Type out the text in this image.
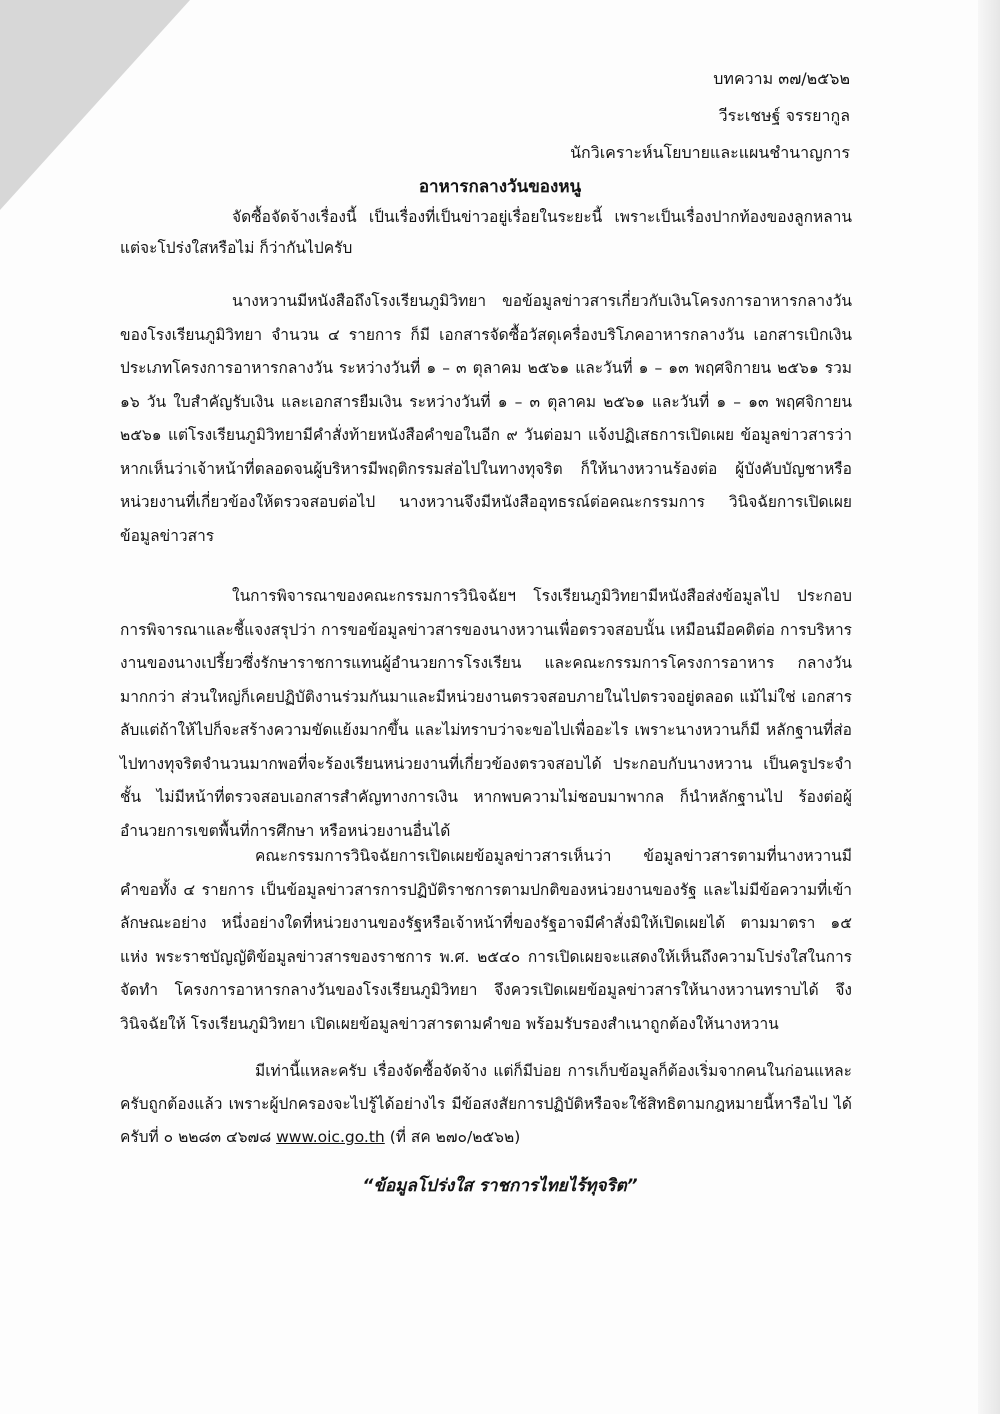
บทความ ๓๗/๒๕๖๒
วีระเชษฐ์ จรรยากูล
นักวิเคราะห์นโยบายและแผนชำนาญการ
อาหารกลางวันของหนู

จัดซื้อจัดจ้างเรื่องนี้ เป็นเรื่องที่เป็นข่าวอยู่เรื่อยในระยะนี้ เพราะเป็นเรื่องปากท้องของลูกหลาน แต่จะโปร่งใสหรือไม่ ก็ว่ากันไปครับ

นางหวานมีหนังสือถึงโรงเรียนภูมิวิทยา ขอข้อมูลข่าวสารเกี่ยวกับเงินโครงการอาหารกลางวัน ของโรงเรียนภูมิวิทยา จำนวน ๔ รายการ ก็มี เอกสารจัดซื้อวัสดุเครื่องบริโภคอาหารกลางวัน เอกสารเบิกเงิน ประเภทโครงการอาหารกลางวัน ระหว่างวันที่ ๑ – ๓ ตุลาคม ๒๕๖๑ และวันที่ ๑ – ๑๓ พฤศจิกายน ๒๕๖๑ รวม ๑๖ วัน ใบสำคัญรับเงิน และเอกสารยืมเงิน ระหว่างวันที่ ๑ – ๓ ตุลาคม ๒๕๖๑ และวันที่ ๑ – ๑๓ พฤศจิกายน ๒๕๖๑ แต่โรงเรียนภูมิวิทยามีคำสั่งท้ายหนังสือคำขอในอีก ๙ วันต่อมา แจ้งปฏิเสธการเปิดเผย ข้อมูลข่าวสารว่า หากเห็นว่าเจ้าหน้าที่ตลอดจนผู้บริหารมีพฤติกรรมส่อไปในทางทุจริต ก็ให้นางหวานร้องต่อ ผู้บังคับบัญชาหรือหน่วยงานที่เกี่ยวข้องให้ตรวจสอบต่อไป นางหวานจึงมีหนังสืออุทธรณ์ต่อคณะกรรมการ วินิจฉัยการเปิดเผยข้อมูลข่าวสาร

ในการพิจารณาของคณะกรรมการวินิจฉัยฯ โรงเรียนภูมิวิทยามีหนังสือส่งข้อมูลไป ประกอบการพิจารณาและชี้แจงสรุปว่า การขอข้อมูลข่าวสารของนางหวานเพื่อตรวจสอบนั้น เหมือนมีอคติต่อ การบริหารงานของนางเปรี้ยวซึ่งรักษาราชการแทนผู้อำนวยการโรงเรียน และคณะกรรมการโครงการอาหาร กลางวันมากกว่า ส่วนใหญ่ก็เคยปฏิบัติงานร่วมกันมาและมีหน่วยงานตรวจสอบภายในไปตรวจอยู่ตลอด แม้ไม่ใช่ เอกสารลับแต่ถ้าให้ไปก็จะสร้างความขัดแย้งมากขึ้น และไม่ทราบว่าจะขอไปเพื่ออะไร เพราะนางหวานก็มี หลักฐานที่ส่อไปทางทุจริตจำนวนมากพอที่จะร้องเรียนหน่วยงานที่เกี่ยวข้องตรวจสอบได้ ประกอบกับนางหวาน เป็นครูประจำชั้น ไม่มีหน้าที่ตรวจสอบเอกสารสำคัญทางการเงิน หากพบความไม่ชอบมาพากล ก็นำหลักฐานไป ร้องต่อผู้อำนวยการเขตพื้นที่การศึกษา หรือหน่วยงานอื่นได้

คณะกรรมการวินิจฉัยการเปิดเผยข้อมูลข่าวสารเห็นว่า ข้อมูลข่าวสารตามที่นางหวานมีคำขอทั้ง ๔ รายการ เป็นข้อมูลข่าวสารการปฏิบัติราชการตามปกติของหน่วยงานของรัฐ และไม่มีข้อความที่เข้าลักษณะอย่าง หนึ่งอย่างใดที่หน่วยงานของรัฐหรือเจ้าหน้าที่ของรัฐอาจมีคำสั่งมิให้เปิดเผยได้ ตามมาตรา ๑๕ แห่ง พระราชบัญญัติข้อมูลข่าวสารของราชการ พ.ศ. ๒๕๔๐ การเปิดเผยจะแสดงให้เห็นถึงความโปร่งใสในการจัดทำ โครงการอาหารกลางวันของโรงเรียนภูมิวิทยา จึงควรเปิดเผยข้อมูลข่าวสารให้นางหวานทราบได้ จึงวินิจฉัยให้ โรงเรียนภูมิวิทยา เปิดเผยข้อมูลข่าวสารตามคำขอ พร้อมรับรองสำเนาถูกต้องให้นางหวาน

มีเท่านี้แหละครับ เรื่องจัดซื้อจัดจ้าง แต่ก็มีบ่อย การเก็บข้อมูลก็ต้องเริ่มจากคนในก่อนแหละ ครับถูกต้องแล้ว เพราะผู้ปกครองจะไปรู้ได้อย่างไร มีข้อสงสัยการปฏิบัติหรือจะใช้สิทธิตามกฎหมายนี้หารือไป ได้ครับที่ ๐ ๒๒๘๓ ๔๖๗๘ www.oic.go.th (ที่ สค ๒๗๐/๒๕๖๒)

“ข้อมูลโปร่งใส ราชการไทยไร้ทุจริต”
